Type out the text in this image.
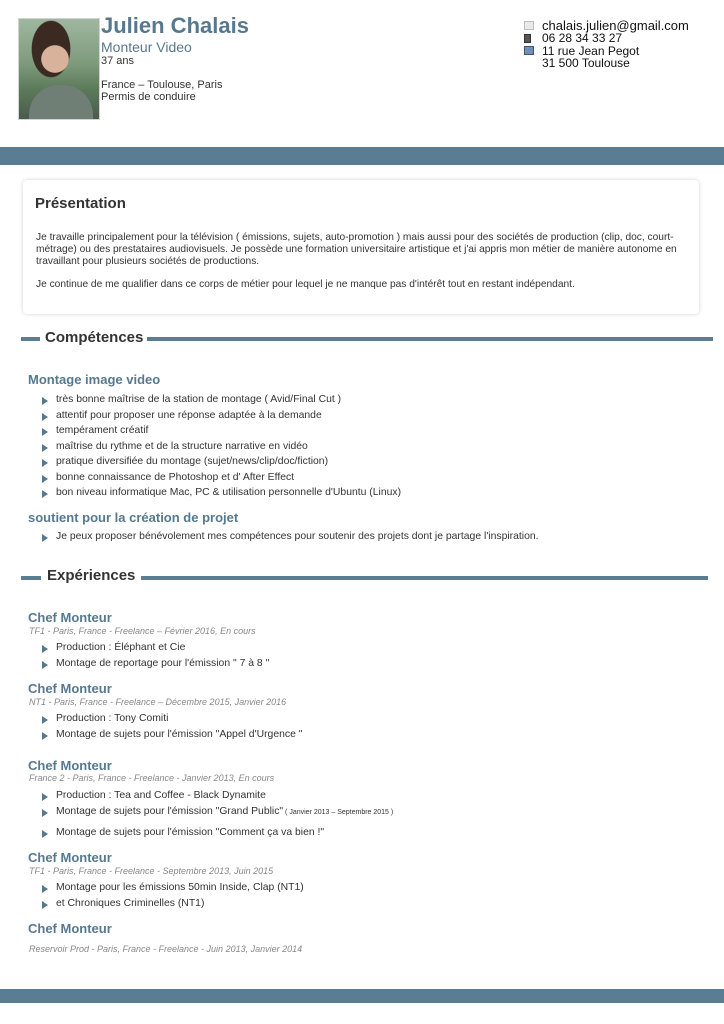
Julien Chalais
Monteur Video
37 ans
France – Toulouse, Paris
Permis de conduire
chalais.julien@gmail.com
06 28 34 33 27
11 rue Jean Pegot
31 500 Toulouse
Présentation
Je travaille principalement pour la télévision ( émissions, sujets, auto-promotion ) mais aussi pour des sociétés de production (clip, doc, court-métrage) ou des prestataires audiovisuels. Je possède une formation universitaire artistique et j'ai appris mon métier de manière autonome en travaillant pour plusieurs sociétés de productions.
Je continue de me qualifier dans ce corps de métier pour lequel je ne manque pas d'intérêt tout en restant indépendant.
Compétences
Montage image video
très bonne maîtrise de la station de montage ( Avid/Final Cut )
attentif pour proposer une réponse adaptée à la demande
tempérament créatif
maîtrise du rythme et de la structure narrative en vidéo
pratique diversifiée du montage (sujet/news/clip/doc/fiction)
bonne connaissance de Photoshop et d' After Effect
bon niveau informatique Mac, PC & utilisation personnelle d'Ubuntu (Linux)
soutient pour la création de projet
Je peux proposer bénévolement mes compétences pour soutenir des projets dont je partage l'inspiration.
Expériences
Chef Monteur
TF1 - Paris, France - Freelance – Février 2016, En cours
Production : Éléphant et Cie
Montage de reportage pour l'émission " 7 à 8 "
Chef Monteur
NT1 - Paris, France - Freelance – Décembre 2015, Janvier 2016
Production : Tony Comiti
Montage de sujets pour l'émission "Appel d'Urgence "
Chef Monteur
France 2 - Paris, France - Freelance - Janvier 2013, En cours
Production : Tea and Coffee - Black Dynamite
Montage de sujets pour l'émission "Grand Public" ( Janvier 2013 – Septembre 2015 )
Montage de sujets pour l'émission "Comment ça va bien !"
Chef Monteur
TF1 - Paris, France - Freelance - Septembre 2013, Juin 2015
Montage pour les émissions 50min Inside, Clap (NT1)
et Chroniques Criminelles (NT1)
Chef Monteur
Reservoir Prod - Paris, France - Freelance - Juin 2013, Janvier 2014
